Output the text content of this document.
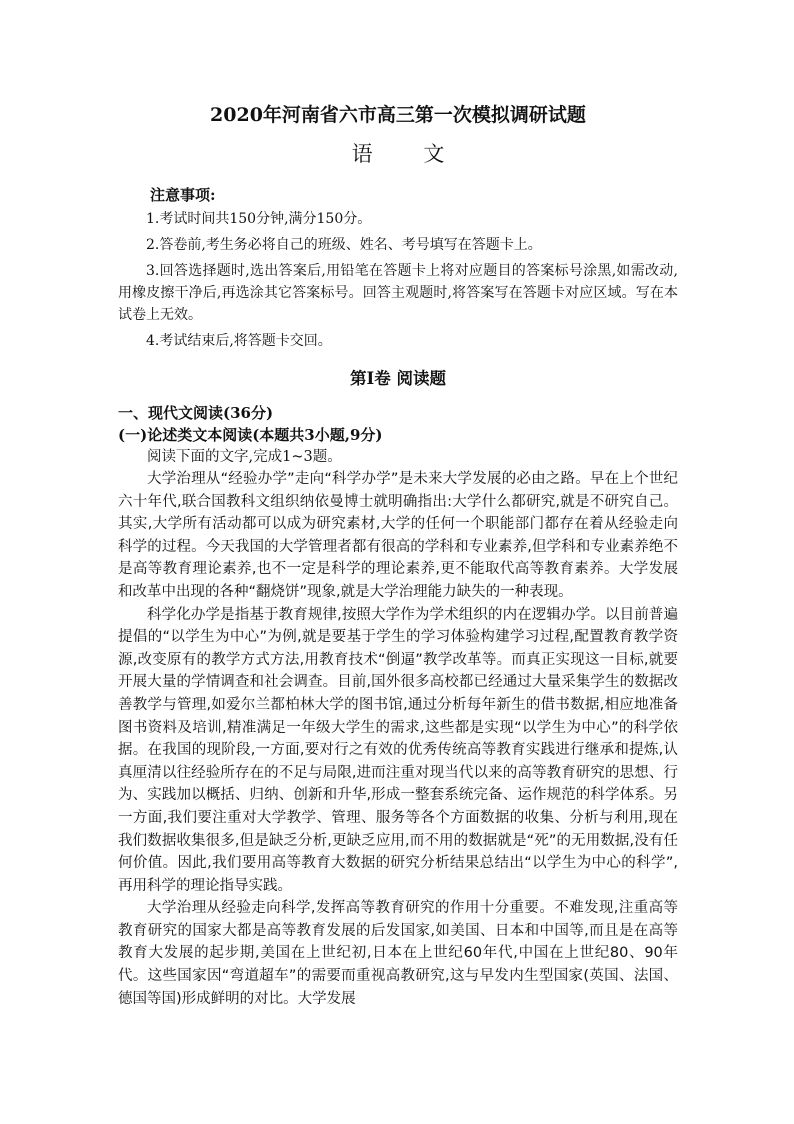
2020年河南省六市高三第一次模拟调研试题
语 文

注意事项:

1.考试时间共150分钟,满分150分。

2.答卷前,考生务必将自己的班级、姓名、考号填写在答题卡上。

3.回答选择题时,选出答案后,用铅笔在答题卡上将对应题目的答案标号涂黑,如需改动,用橡皮擦干净后,再选涂其它答案标号。回答主观题时,将答案写在答题卡对应区域。写在本试卷上无效。

4.考试结束后,将答题卡交回。

第Ⅰ卷 阅读题

一、现代文阅读(36分)

(一)论述类文本阅读(本题共3小题,9分)

阅读下面的文字,完成1~3题。

大学治理从“经验办学”走向“科学办学”是未来大学发展的必由之路。早在上个世纪六十年代,联合国教科文组织纳依曼博士就明确指出:大学什么都研究,就是不研究自己。其实,大学所有活动都可以成为研究素材,大学的任何一个职能部门都存在着从经验走向科学的过程。今天我国的大学管理者都有很高的学科和专业素养,但学科和专业素养绝不是高等教育理论素养,也不一定是科学的理论素养,更不能取代高等教育素养。大学发展和改革中出现的各种“翻烧饼”现象,就是大学治理能力缺失的一种表现。

科学化办学是指基于教育规律,按照大学作为学术组织的内在逻辑办学。以目前普遍提倡的“以学生为中心”为例,就是要基于学生的学习体验构建学习过程,配置教育教学资源,改变原有的教学方式方法,用教育技术“倒逼”教学改革等。而真正实现这一目标,就要开展大量的学情调查和社会调查。目前,国外很多高校都已经通过大量采集学生的数据改善教学与管理,如爱尔兰都柏林大学的图书馆,通过分析每年新生的借书数据,相应地准备图书资料及培训,精准满足一年级大学生的需求,这些都是实现“以学生为中心”的科学依据。在我国的现阶段,一方面,要对行之有效的优秀传统高等教育实践进行继承和提炼,认真厘清以往经验所存在的不足与局限,进而注重对现当代以来的高等教育研究的思想、行为、实践加以概括、归纳、创新和升华,形成一整套系统完备、运作规范的科学体系。另一方面,我们要注重对大学教学、管理、服务等各个方面数据的收集、分析与利用,现在我们数据收集很多,但是缺乏分析,更缺乏应用,而不用的数据就是“死”的无用数据,没有任何价值。因此,我们要用高等教育大数据的研究分析结果总结出“以学生为中心的科学”,再用科学的理论指导实践。

大学治理从经验走向科学,发挥高等教育研究的作用十分重要。不难发现,注重高等教育研究的国家大都是高等教育发展的后发国家,如美国、日本和中国等,而且是在高等教育大发展的起步期,美国在上世纪初,日本在上世纪60年代,中国在上世纪80、90年代。这些国家因“弯道超车”的需要而重视高教研究,这与早发内生型国家(英国、法国、德国等国)形成鲜明的对比。大学发展
